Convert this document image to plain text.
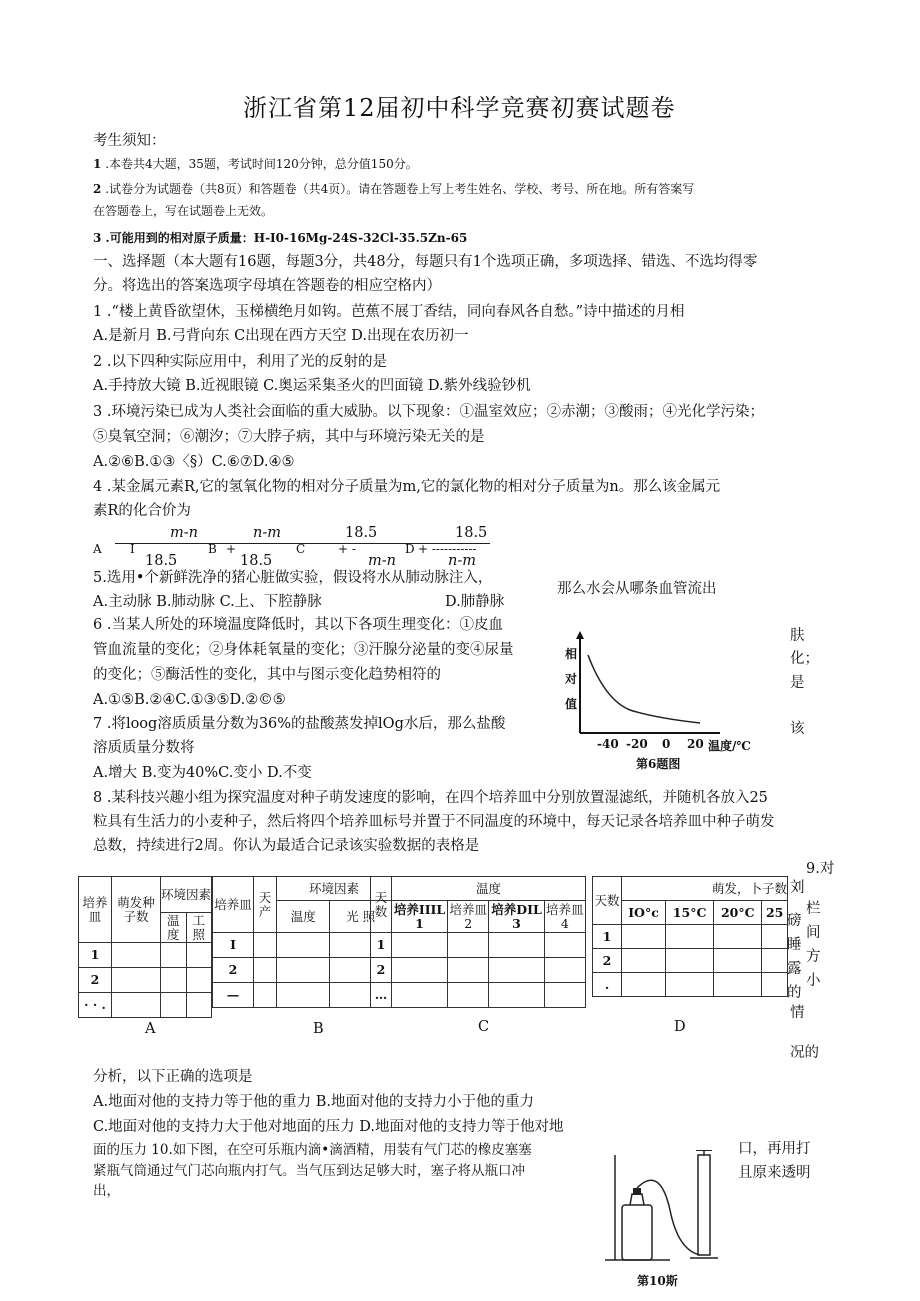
浙江省第12届初中科学竞赛初赛试题卷
考生须知：
1 .本卷共4大题，35题，考试时间120分钟，总分值150分。
2 .试卷分为试题卷（共8页）和答题卷（共4页）。请在答题卷上写上考生姓名、学校、考号、所在地。所有答案写
在答题卷上，写在试题卷上无效。
3 .可能用到的相对原子质量：H-I0-16Mg-24S-32Cl-35.5Zn-65
一、选择题（本大题有16题，每题3分，共48分，每题只有1个选项正确，多项选择、错选、不选均得零
分。将选出的答案选项字母填在答题卷的相应空格内）
1 .“楼上黄昏欲望休，玉梯横绝月如钩。芭蕉不展丁香结，同向春风各自愁。”诗中描述的月相
A.是新月 B.弓背向东 C出现在西方天空 D.出现在农历初一
2 .以下四种实际应用中，利用了光的反射的是
A.手持放大镜 B.近视眼镜 C.奥运采集圣火的凹面镜 D.紫外线验钞机
3 .环境污染已成为人类社会面临的重大威胁。以下现象：①温室效应；②赤潮；③酸雨；④光化学污染；
⑤臭氧空洞；⑥潮汐；⑦大脖子病，其中与环境污染无关的是
A.②⑥B.①③〈§）C.⑥⑦D.④⑤
4 .某金属元素R,它的氢氧化物的相对分子质量为m,它的氯化物的相对分子质量为n。那么该金属元
素R的化合价为
m-n	n-m	18.5	18.5
A I	B +	C	+ -	D + -----------
18.5	18.5	m-n	n-m
5.选用•个新鲜洗净的猪心脏做实验，假设将水从肺动脉注入，
那么水会从哪条血管流出
A.主动脉 B.肺动脉 C.上、下腔静脉	D.肺静脉
6 .当某人所处的环境温度降低时，其以下各项生理变化：①皮血
管血流量的变化；②身体耗氧量的变化；③汗腺分泌量的变④尿量
的变化；⑤酶活性的变化，其中与图示变化趋势相符的
A.①⑤B.②④C.①③⑤D.②©⑤
肤
化；
是
该
相
对
值
-40 -20 0 20 温度/℃
第6题图
7 .将loog溶质质量分数为36%的盐酸蒸发掉lOg水后，那么盐酸
溶质质量分数将
A.增大 B.变为40%C.变小 D.不变
8 .某科技兴趣小组为探究温度对种子萌发速度的影响，在四个培养皿中分别放置湿滤纸，并随机各放入25
粒具有生活力的小麦种子，然后将四个培养皿标号并置于不同温度的环境中，每天记录各培养皿中种子萌发
总数，持续进行2周。你认为最适合记录该实验数据的表格是
培养皿	萌发种子数	环境因素	
		温度	工照
1			
2			
· · .			
A
培养皿	天产	环境因素	
		温度	光 照
I			
2			
—			
B
天数	温度			
	培养IIIL 1	培养皿 2	培养DIL 3	培养皿 4
1				
2				
…				
C
天数	萌发，卜子数			
	IO°c	15°C	20°C	25
1				
2				
.				
D
9.对
刘
栏
磅
间
睡
方
露
小
的
情
况的
分析，以下正确的选项是
A.地面对他的支持力等于他的重力 B.地面对他的支持力小于他的重力
C.地面对他的支持力大于他对地面的压力 D.地面对他的支持力等于他对地
面的压力 10.如下图，在空可乐瓶内滴•滴酒精，用装有气门芯的橡皮塞塞
紧瓶气筒通过气门芯向瓶内打气。当气压到达足够大时，塞子将从瓶口冲
出，
口，再用打
且原来透明
第10斯
